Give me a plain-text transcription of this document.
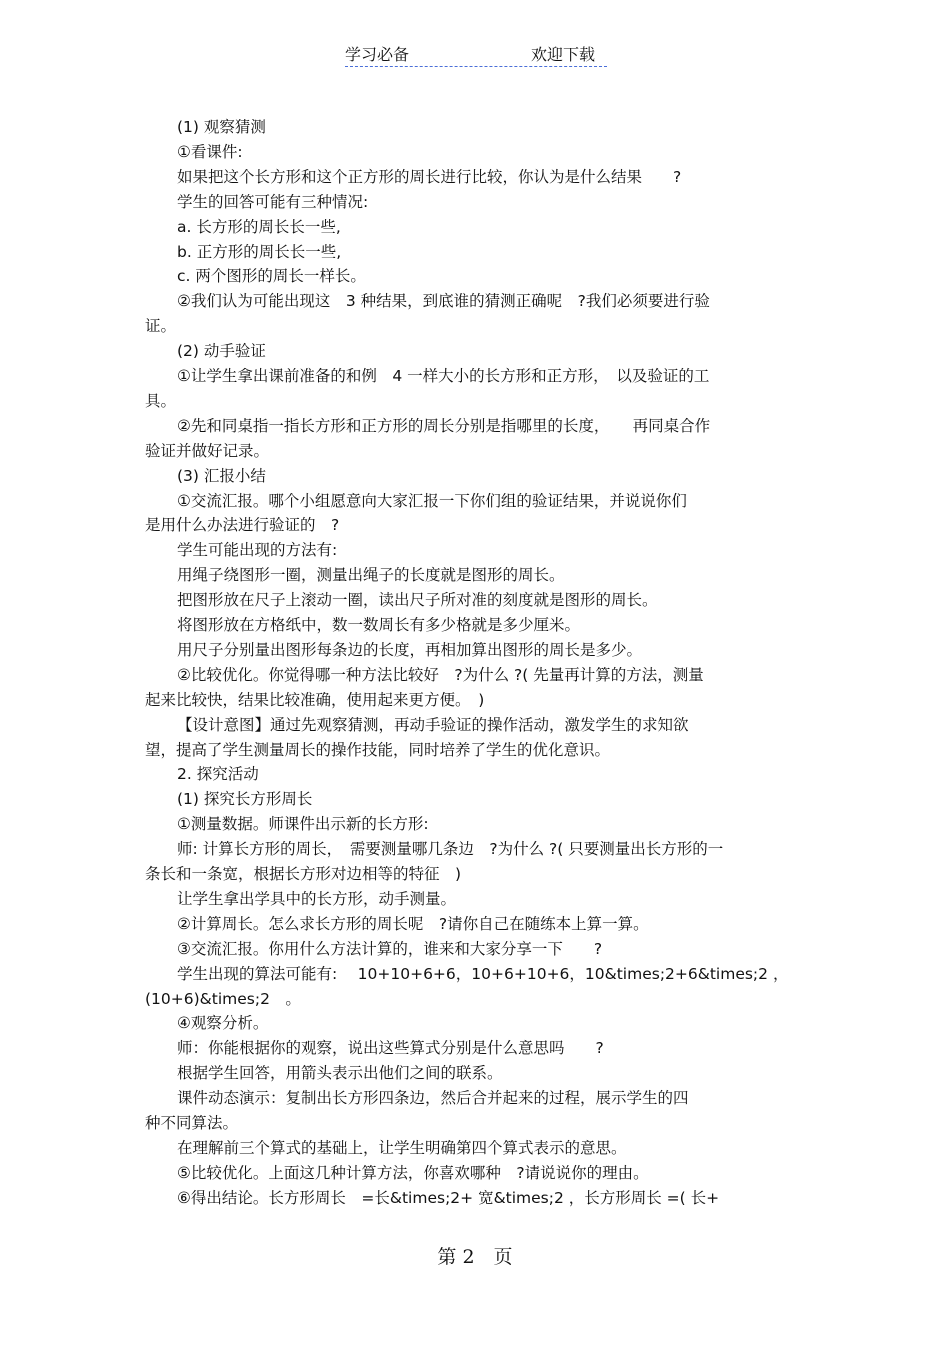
学习必备	欢迎下载
(1) 观察猜测
①看课件:
如果把这个长方形和这个正方形的周长进行比较，你认为是什么结果　　?
学生的回答可能有三种情况:
a. 长方形的周长长一些,
b. 正方形的周长长一些,
c. 两个图形的周长一样长。
②我们认为可能出现这　3 种结果，到底谁的猜测正确呢　?我们必须要进行验
证。
(2) 动手验证
①让学生拿出课前准备的和例　4 一样大小的长方形和正方形，　以及验证的工
具。
②先和同桌指一指长方形和正方形的周长分别是指哪里的长度，　　再同桌合作
验证并做好记录。
(3) 汇报小结
①交流汇报。哪个小组愿意向大家汇报一下你们组的验证结果，并说说你们
是用什么办法进行验证的　?
学生可能出现的方法有:
用绳子绕图形一圈，测量出绳子的长度就是图形的周长。
把图形放在尺子上滚动一圈，读出尺子所对准的刻度就是图形的周长。
将图形放在方格纸中，数一数周长有多少格就是多少厘米。
用尺子分别量出图形每条边的长度，再相加算出图形的周长是多少。
②比较优化。你觉得哪一种方法比较好　?为什么 ?( 先量再计算的方法，测量
起来比较快，结果比较准确，使用起来更方便。　)
【设计意图】通过先观察猜测，再动手验证的操作活动，激发学生的求知欲
望，提高了学生测量周长的操作技能，同时培养了学生的优化意识。
2. 探究活动
(1) 探究长方形周长
①测量数据。师课件出示新的长方形:
师: 计算长方形的周长，　需要测量哪几条边　?为什么 ?( 只要测量出长方形的一
条长和一条宽，根据长方形对边相等的特征　)
让学生拿出学具中的长方形，动手测量。
②计算周长。怎么求长方形的周长呢　?请你自己在随练本上算一算。
③交流汇报。你用什么方法计算的，谁来和大家分享一下　　?
学生出现的算法可能有:　 10+10+6+6，10+6+10+6，10&times;2+6&times;2 ，
(10+6)&times;2　。
④观察分析。
师：你能根据你的观察，说出这些算式分别是什么意思吗　　?
根据学生回答，用箭头表示出他们之间的联系。
课件动态演示：复制出长方形四条边，然后合并起来的过程，展示学生的四
种不同算法。
在理解前三个算式的基础上，让学生明确第四个算式表示的意思。
⑤比较优化。上面这几种计算方法，你喜欢哪种　?请说说你的理由。
⑥得出结论。长方形周长　=长&times;2+ 宽&times;2 ，长方形周长 =( 长+
第 2　页
